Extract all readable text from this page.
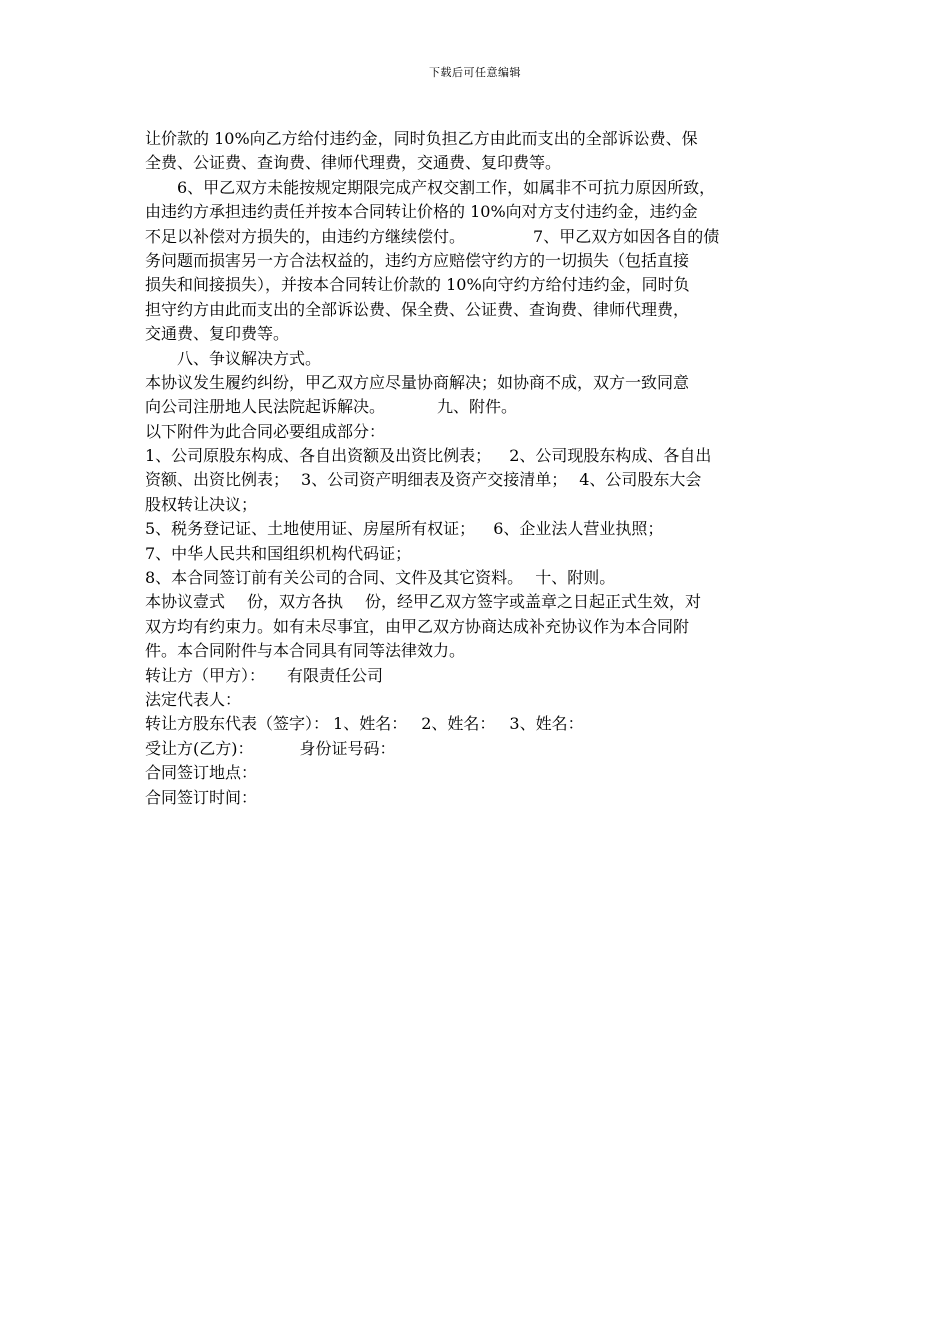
下载后可任意编辑
让价款的 10%向乙方给付违约金，同时负担乙方由此而支出的全部诉讼费、保
全费、公证费、查询费、律师代理费，交通费、复印费等。
6、甲乙双方未能按规定期限完成产权交割工作，如属非不可抗力原因所致，
由违约方承担违约责任并按本合同转让价格的 10%向对方支付违约金，违约金
不足以补偿对方损失的，由违约方继续偿付。	7、甲乙双方如因各自的债
务问题而损害另一方合法权益的，违约方应赔偿守约方的一切损失（包括直接
损失和间接损失），并按本合同转让价款的 10%向守约方给付违约金，同时负
担守约方由此而支出的全部诉讼费、保全费、公证费、查询费、律师代理费，
交通费、复印费等。
八、争议解决方式。
本协议发生履约纠纷，甲乙双方应尽量协商解决；如协商不成，双方一致同意
向公司注册地人民法院起诉解决。	九、附件。
以下附件为此合同必要组成部分：
1、公司原股东构成、各自出资额及出资比例表； 2、公司现股东构成、各自出
资额、出资比例表； 3、公司资产明细表及资产交接清单； 4、公司股东大会
股权转让决议；
5、税务登记证、土地使用证、房屋所有权证； 6、企业法人营业执照；
7、中华人民共和国组织机构代码证；
8、本合同签订前有关公司的合同、文件及其它资料。 十、附则。
本协议壹式 份，双方各执 份，经甲乙双方签字或盖章之日起正式生效，对
双方均有约束力。如有未尽事宜，由甲乙双方协商达成补充协议作为本合同附
件。本合同附件与本合同具有同等法律效力。
转让方（甲方）： 有限责任公司
法定代表人：
转让方股东代表（签字）： 1、姓名： 2、姓名： 3、姓名：
受让方(乙方)：	身份证号码：
合同签订地点：
合同签订时间：
